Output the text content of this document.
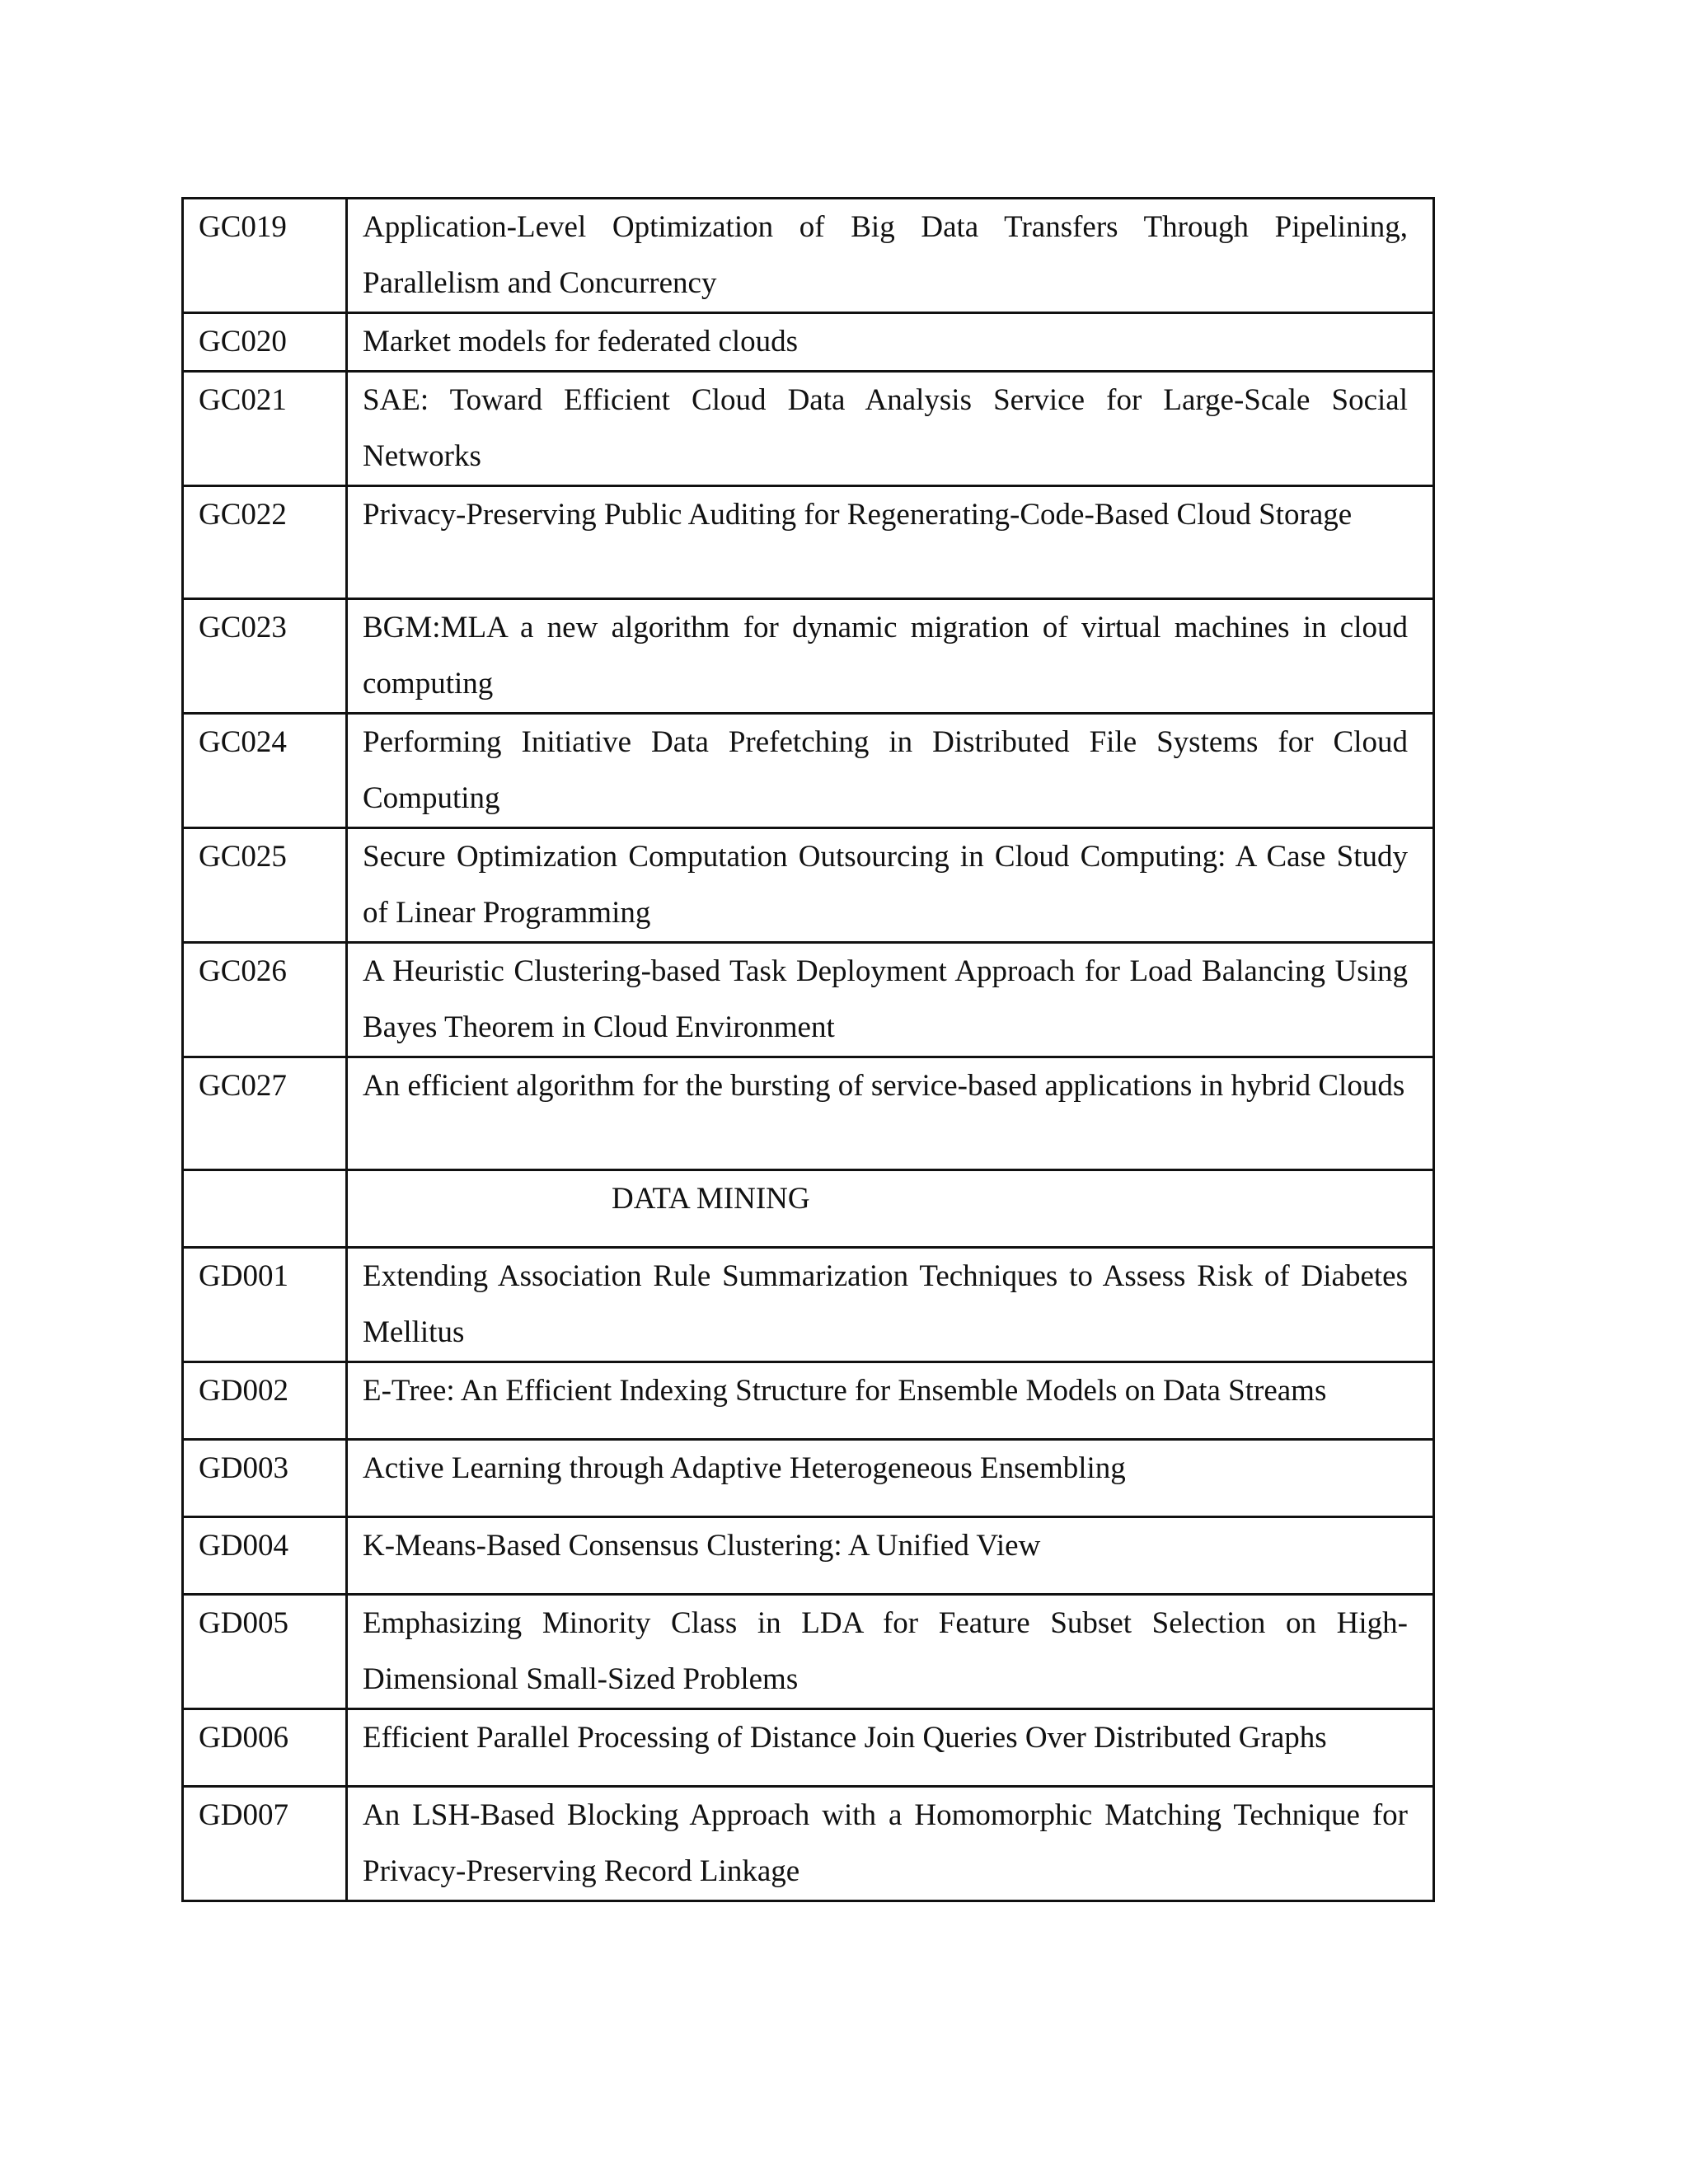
GC019	Application-Level Optimization of Big Data Transfers Through Pipelining, Parallelism and Concurrency
GC020	Market models for federated clouds
GC021	SAE: Toward Efficient Cloud Data Analysis Service for Large-Scale Social Networks
GC022	Privacy-Preserving Public Auditing for Regenerating-Code-Based Cloud Storage
GC023	BGM:MLA a new algorithm for dynamic migration of virtual machines in cloud computing
GC024	Performing Initiative Data Prefetching in Distributed File Systems for Cloud Computing
GC025	Secure Optimization Computation Outsourcing in Cloud Computing: A Case Study of Linear Programming
GC026	A Heuristic Clustering-based Task Deployment Approach for Load Balancing Using Bayes Theorem in Cloud Environment
GC027	An efficient algorithm for the bursting of service-based applications in hybrid Clouds

	DATA MINING

GD001	Extending Association Rule Summarization Techniques to Assess Risk of Diabetes Mellitus
GD002	E-Tree: An Efficient Indexing Structure for Ensemble Models on Data Streams
GD003	Active Learning through Adaptive Heterogeneous Ensembling
GD004	K-Means-Based Consensus Clustering: A Unified View
GD005	Emphasizing Minority Class in LDA for Feature Subset Selection on High-Dimensional Small-Sized Problems
GD006	Efficient Parallel Processing of Distance Join Queries Over Distributed Graphs
GD007	An LSH-Based Blocking Approach with a Homomorphic Matching Technique for Privacy-Preserving Record Linkage
